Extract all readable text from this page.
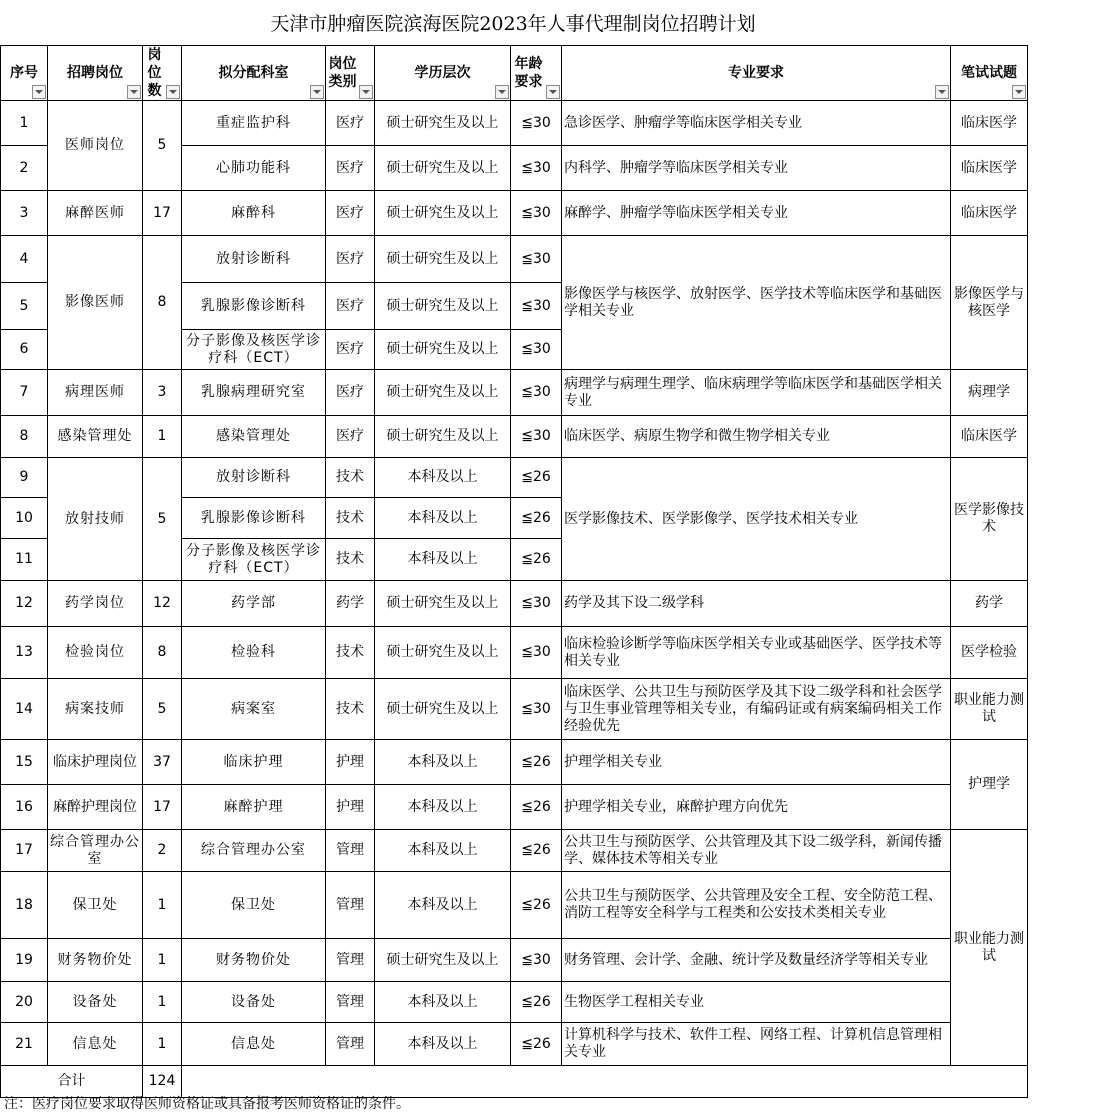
天津市肿瘤医院滨海医院2023年人事代理制岗位招聘计划
序号	招聘岗位	岗位数	拟分配科室	岗位类别	学历层次	年龄要求	专业要求	笔试试题

1	医师岗位	5	重症监护科	医疗	硕士研究生及以上	≦30	急诊医学、肿瘤学等临床医学相关专业	临床医学
2			心肺功能科	医疗	硕士研究生及以上	≦30	内科学、肿瘤学等临床医学相关专业	临床医学
3	麻醉医师	17	麻醉科	医疗	硕士研究生及以上	≦30	麻醉学、肿瘤学等临床医学相关专业	临床医学
4	影像医师	8	放射诊断科	医疗	硕士研究生及以上	≦30	影像医学与核医学、放射医学、医学技术等临床医学和基础医学相关专业	影像医学与核医学
5			乳腺影像诊断科	医疗	硕士研究生及以上	≦30		
6			分子影像及核医学诊疗科（ECT）	医疗	硕士研究生及以上	≦30		
7	病理医师	3	乳腺病理研究室	医疗	硕士研究生及以上	≦30	病理学与病理生理学、临床病理学等临床医学和基础医学相关专业	病理学
8	感染管理处	1	感染管理处	医疗	硕士研究生及以上	≦30	临床医学、病原生物学和微生物学相关专业	临床医学
9	放射技师	5	放射诊断科	技术	本科及以上	≦26	医学影像技术、医学影像学、医学技术相关专业	医学影像技术
10			乳腺影像诊断科	技术	本科及以上	≦26		
11			分子影像及核医学诊疗科（ECT）	技术	本科及以上	≦26		
12	药学岗位	12	药学部	药学	硕士研究生及以上	≦30	药学及其下设二级学科	药学
13	检验岗位	8	检验科	技术	硕士研究生及以上	≦30	临床检验诊断学等临床医学相关专业或基础医学、医学技术等相关专业	医学检验
14	病案技师	5	病案室	技术	硕士研究生及以上	≦30	临床医学、公共卫生与预防医学及其下设二级学科和社会医学与卫生事业管理等相关专业，有编码证或有病案编码相关工作经验优先	职业能力测试
15	临床护理岗位	37	临床护理	护理	本科及以上	≦26	护理学相关专业	护理学
16	麻醉护理岗位	17	麻醉护理	护理	本科及以上	≦26	护理学相关专业，麻醉护理方向优先	
17	综合管理办公室	2	综合管理办公室	管理	本科及以上	≦26	公共卫生与预防医学、公共管理及其下设二级学科，新闻传播学、媒体技术等相关专业	职业能力测试
18	保卫处	1	保卫处	管理	本科及以上	≦26	公共卫生与预防医学、公共管理及安全工程、安全防范工程、消防工程等安全科学与工程类和公安技术类相关专业	
19	财务物价处	1	财务物价处	管理	硕士研究生及以上	≦30	财务管理、会计学、金融、统计学及数量经济学等相关专业	
20	设备处	1	设备处	管理	本科及以上	≦26	生物医学工程相关专业	
21	信息处	1	信息处	管理	本科及以上	≦26	计算机科学与技术、软件工程、网络工程、计算机信息管理相关专业	
合计		124						
注：医疗岗位要求取得医师资格证或具备报考医师资格证的条件。
